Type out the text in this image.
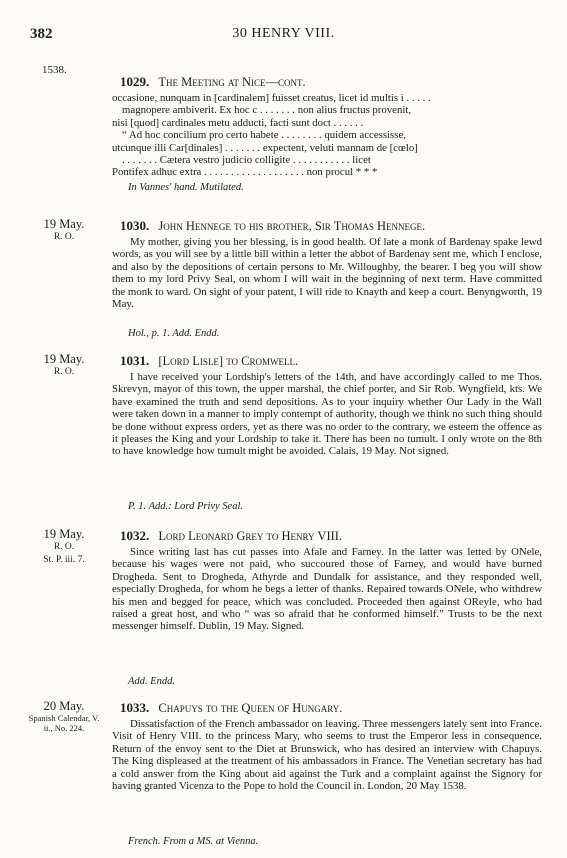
382	30 HENRY VIII.
1538.
1029. The Meeting at Nice—cont.
occasione, nunquam in [cardinalem] fuisset creatus, licet id multis i . . . . .
magnopere ambiverit. Ex hoc c . . . . . . . non alius fructus provenit,
nisi [quod] cardinales metu adducti, facti sunt doct . . . . . .
“ Ad hoc concilium pro certo habete . . . . . . . . quidem accessisse,
utcunque illi Car[dinales] . . . . . . . expectent, veluti mannam de [cœlo]
. . . . . . . Cætera vestro judicio colligite . . . . . . . . . . . licet
Pontifex adhuc extra . . . . . . . . . . . . . . . . . . . non procul * * *
In Vannes' hand. Mutilated.
19 May.
R. O.
1030. John Hennege to his brother, Sir Thomas Hennege.

My mother, giving you her blessing, is in good health. Of late a monk of Bardenay spake lewd words, as you will see by a little bill within a letter the abbot of Bardenay sent me, which I enclose, and also by the depositions of certain persons to Mr. Willoughby, the bearer. I beg you will show them to my lord Privy Seal, on whom I will wait in the beginning of next term. Have committed the monk to ward. On sight of your patent, I will ride to Knayth and keep a court. Benyngworth, 19 May.

Hol., p. 1. Add. Endd.
19 May.
R. O.
1031. [Lord Lisle] to Cromwell.

I have received your Lordship's letters of the 14th, and have accordingly called to me Thos. Skrevyn, mayor of this town, the upper marshal, the chief porter, and Sir Rob. Wyngfield, kts. We have examined the truth and send depositions. As to your inquiry whether Our Lady in the Wall were taken down in a manner to imply contempt of authority, though we think no such thing should be done without express orders, yet as there was no order to the contrary, we esteem the offence as it pleases the King and your Lordship to take it. There has been no tumult. I only wrote on the 8th to have knowledge how tumult might be avoided. Calais, 19 May. Not signed.

P. 1. Add.: Lord Privy Seal.
19 May.
R. O.
St. P. iii. 7.
1032. Lord Leonard Grey to Henry VIII.

Since writing last has cut passes into Afale and Farney. In the latter was letted by ONele, because his wages were not paid, who succoured those of Farney, and would have burned Drogheda. Sent to Drogheda, Athyrde and Dundalk for assistance, and they responded well, especially Drogheda, for whom he begs a letter of thanks. Repaired towards ONele, who withdrew his men and begged for peace, which was concluded. Proceeded then against OReyle, who had raised a great host, and who “ was so afraid that he conformed himself.” Trusts to be the next messenger himself. Dublin, 19 May. Signed.

Add. Endd.
20 May.
Spanish Calendar, V. ii., No. 224.
1033. Chapuys to the Queen of Hungary.

Dissatisfaction of the French ambassador on leaving. Three messengers lately sent into France. Visit of Henry VIII. to the princess Mary, who seems to trust the Emperor less in consequence. Return of the envoy sent to the Diet at Brunswick, who has desired an interview with Chapuys. The King displeased at the treatment of his ambassadors in France. The Venetian secretary has had a cold answer from the King about aid against the Turk and a complaint against the Signory for having granted Vicenza to the Pope to hold the Council in. London, 20 May 1538.

French. From a MS. at Vienna.
